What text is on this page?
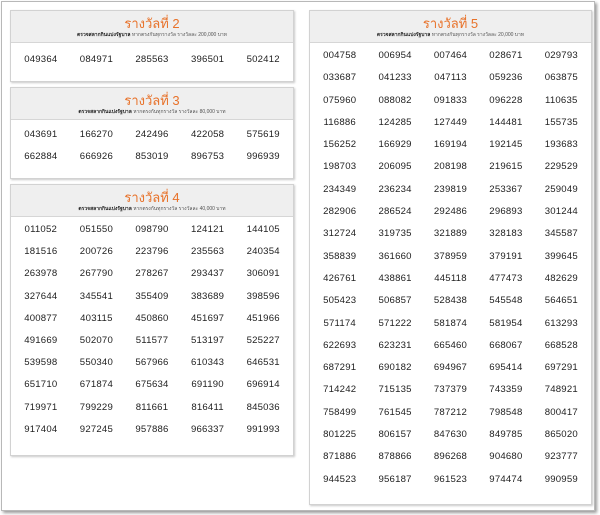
รางวัลที่ 2
ตรวจสลากกินแบ่งรัฐบาล หากตรงกันทุกรางวัล รางวัลละ 200,000 บาท
049364	084971	285563	396501	502412
รางวัลที่ 3
ตรวจสลากกินแบ่งรัฐบาล หากตรงกันทุกรางวัล รางวัลละ 80,000 บาท
043691	166270	242496	422058	575619
662884	666926	853019	896753	996939
รางวัลที่ 4
ตรวจสลากกินแบ่งรัฐบาล หากตรงกันทุกรางวัล รางวัลละ 40,000 บาท
011052	051550	098790	124121	144105
181516	200726	223796	235563	240354
263978	267790	278267	293437	306091
327644	345541	355409	383689	398596
400877	403115	450860	451697	451966
491669	502070	511577	513197	525227
539598	550340	567966	610343	646531
651710	671874	675634	691190	696914
719971	799229	811661	816411	845036
917404	927245	957886	966337	991993
รางวัลที่ 5
ตรวจสลากกินแบ่งรัฐบาล หากตรงกันทุกรางวัล รางวัลละ 20,000 บาท
004758	006954	007464	028671	029793
033687	041233	047113	059236	063875
075960	088082	091833	096228	110635
116886	124285	127449	144481	155735
156252	166929	169194	192145	193683
198703	206095	208198	219615	229529
234349	236234	239819	253367	259049
282906	286524	292486	296893	301244
312724	319735	321889	328183	345587
358839	361660	378959	379191	399645
426761	438861	445118	477473	482629
505423	506857	528438	545548	564651
571174	571222	581874	581954	613293
622693	623231	665460	668067	668528
687291	690182	694967	695414	697291
714242	715135	737379	743359	748921
758499	761545	787212	798548	800417
801225	806157	847630	849785	865020
871886	878866	896268	904680	923777
944523	956187	961523	974474	990959
